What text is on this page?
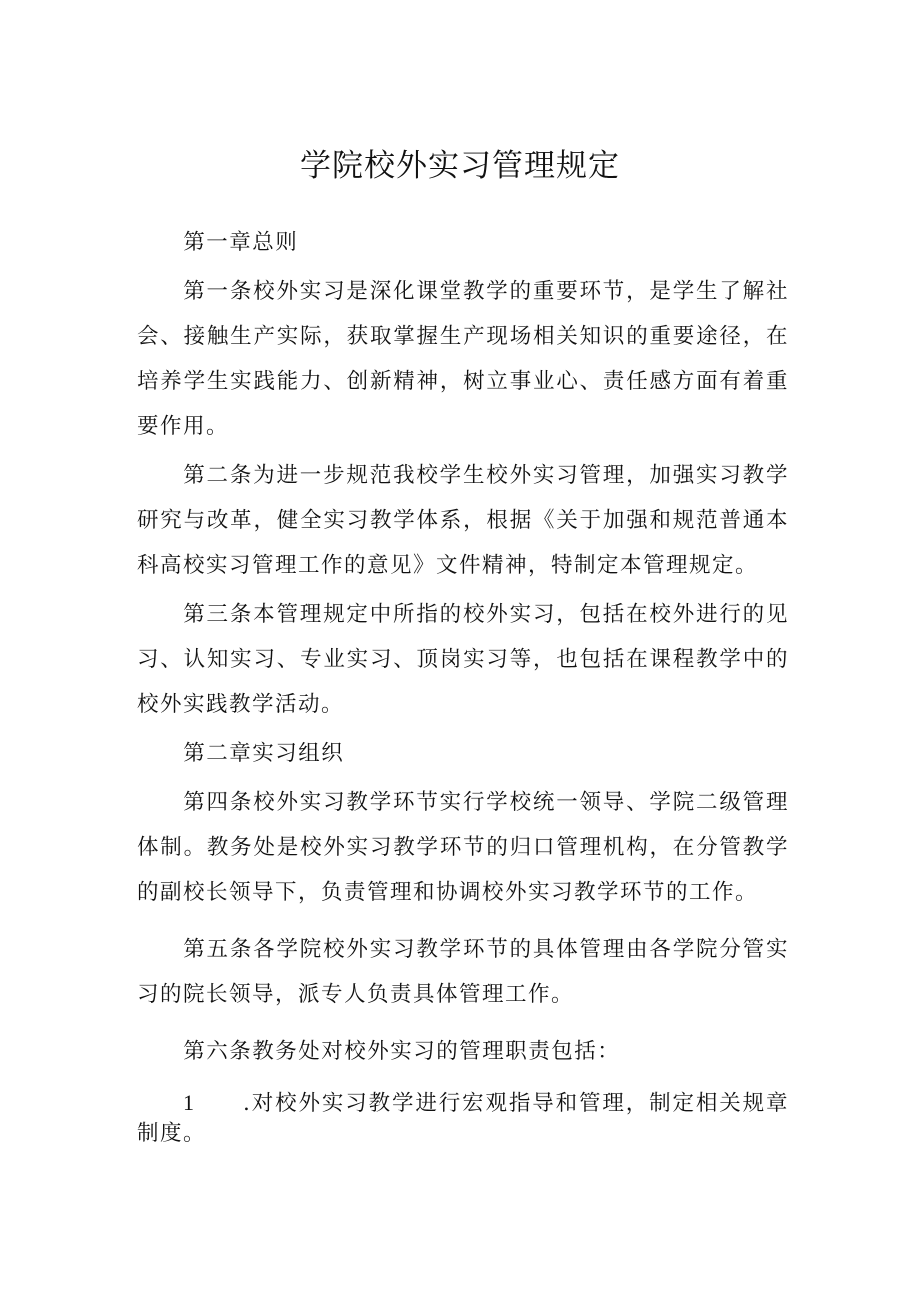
学院校外实习管理规定

第一章总则

第一条校外实习是深化课堂教学的重要环节，是学生了解社会、接触生产实际，获取掌握生产现场相关知识的重要途径，在培养学生实践能力、创新精神，树立事业心、责任感方面有着重要作用。

第二条为进一步规范我校学生校外实习管理，加强实习教学研究与改革，健全实习教学体系，根据《关于加强和规范普通本科高校实习管理工作的意见》文件精神，特制定本管理规定。

第三条本管理规定中所指的校外实习，包括在校外进行的见习、认知实习、专业实习、顶岗实习等，也包括在课程教学中的校外实践教学活动。

第二章实习组织

第四条校外实习教学环节实行学校统一领导、学院二级管理体制。教务处是校外实习教学环节的归口管理机构，在分管教学的副校长领导下，负责管理和协调校外实习教学环节的工作。

第五条各学院校外实习教学环节的具体管理由各学院分管实习的院长领导，派专人负责具体管理工作。

第六条教务处对校外实习的管理职责包括：

1 .对校外实习教学进行宏观指导和管理，制定相关规章制度。
